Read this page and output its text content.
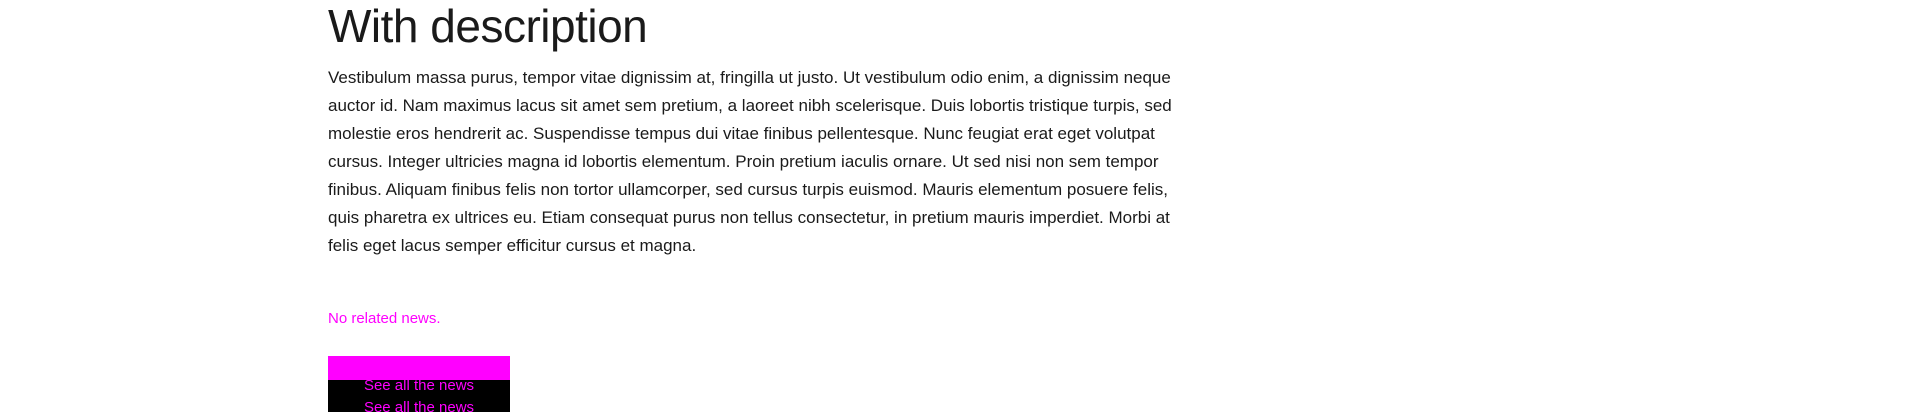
With description

Vestibulum massa purus, tempor vitae dignissim at, fringilla ut justo. Ut vestibulum odio enim, a dignissim neque auctor id. Nam maximus lacus sit amet sem pretium, a laoreet nibh scelerisque. Duis lobortis tristique turpis, sed molestie eros hendrerit ac. Suspendisse tempus dui vitae finibus pellentesque. Nunc feugiat erat eget volutpat cursus. Integer ultricies magna id lobortis elementum. Proin pretium iaculis ornare. Ut sed nisi non sem tempor finibus. Aliquam finibus felis non tortor ullamcorper, sed cursus turpis euismod. Mauris elementum posuere felis, quis pharetra ex ultrices eu. Etiam consequat purus non tellus consectetur, in pretium mauris imperdiet. Morbi at felis eget lacus semper efficitur cursus et magna.

No related news.

See all the news
See all the news
